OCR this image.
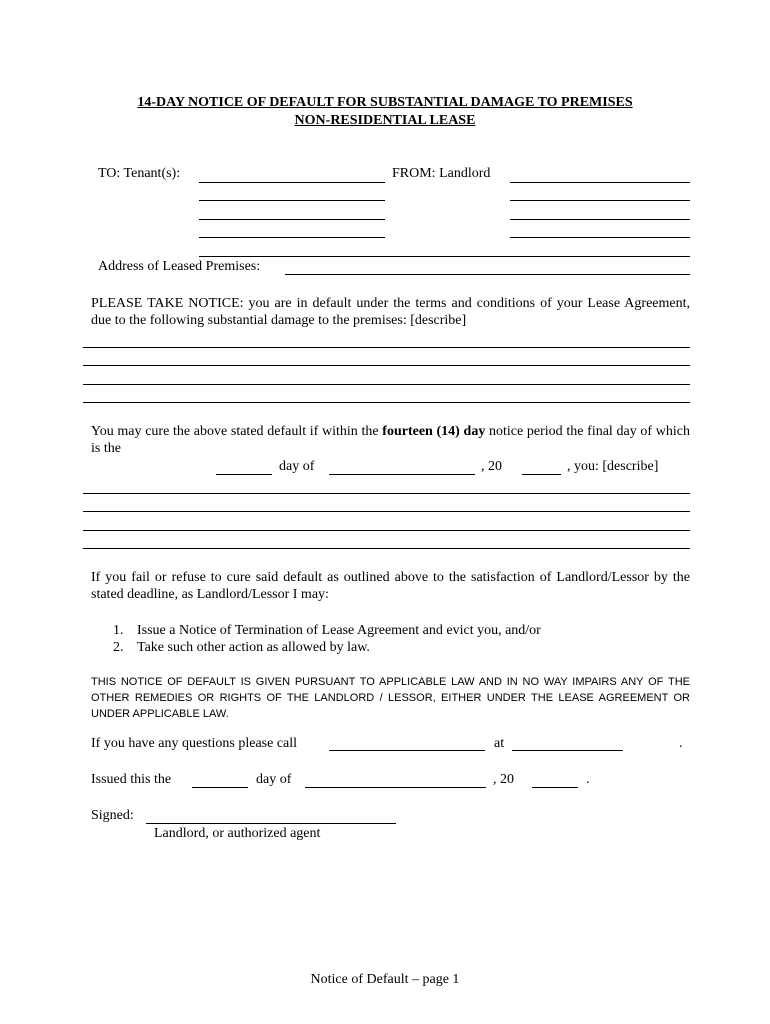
14-DAY NOTICE OF DEFAULT FOR SUBSTANTIAL DAMAGE TO PREMISES
NON-RESIDENTIAL LEASE
TO: Tenant(s):	FROM: Landlord
Address of Leased Premises:
PLEASE TAKE NOTICE: you are in default under the terms and conditions of your Lease Agreement, due to the following substantial damage to the premises: [describe]
You may cure the above stated default if within the fourteen (14) day notice period the final day of which is the
day of	, 20	, you: [describe]
If you fail or refuse to cure said default as outlined above to the satisfaction of Landlord/Lessor by the stated deadline, as Landlord/Lessor I may:
1. Issue a Notice of Termination of Lease Agreement and evict you, and/or
2. Take such other action as allowed by law.
THIS NOTICE OF DEFAULT IS GIVEN PURSUANT TO APPLICABLE LAW AND IN NO WAY IMPAIRS ANY OF THE OTHER REMEDIES OR RIGHTS OF THE LANDLORD / LESSOR, EITHER UNDER THE LEASE AGREEMENT OR UNDER APPLICABLE LAW.
If you have any questions please call	at	.
Issued this the	day of	, 20	.
Signed:
Landlord, or authorized agent
Notice of Default – page 1
